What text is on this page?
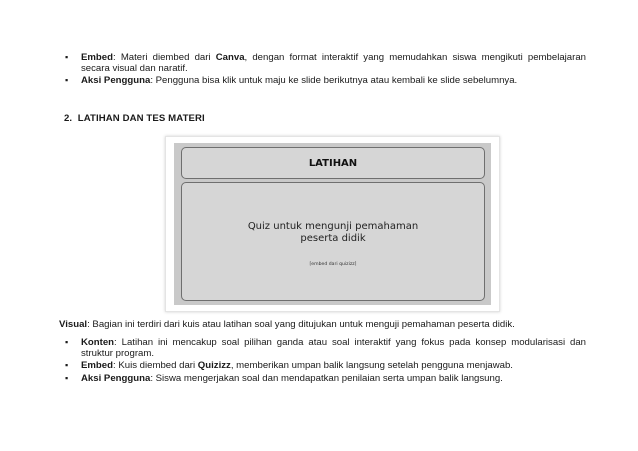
▪ Embed: Materi diembed dari Canva, dengan format interaktif yang memudahkan siswa mengikuti pembelajaran secara visual dan naratif.
▪ Aksi Pengguna: Pengguna bisa klik untuk maju ke slide berikutnya atau kembali ke slide sebelumnya.
2. LATIHAN DAN TES MATERI
LATIHAN
Quiz untuk mengunji pemahaman
peserta didik
[embed dari quizizz]
Visual: Bagian ini terdiri dari kuis atau latihan soal yang ditujukan untuk menguji pemahaman peserta didik.
▪ Konten: Latihan ini mencakup soal pilihan ganda atau soal interaktif yang fokus pada konsep modularisasi dan struktur program.
▪ Embed: Kuis diembed dari Quizizz, memberikan umpan balik langsung setelah pengguna menjawab.
▪ Aksi Pengguna: Siswa mengerjakan soal dan mendapatkan penilaian serta umpan balik langsung.
